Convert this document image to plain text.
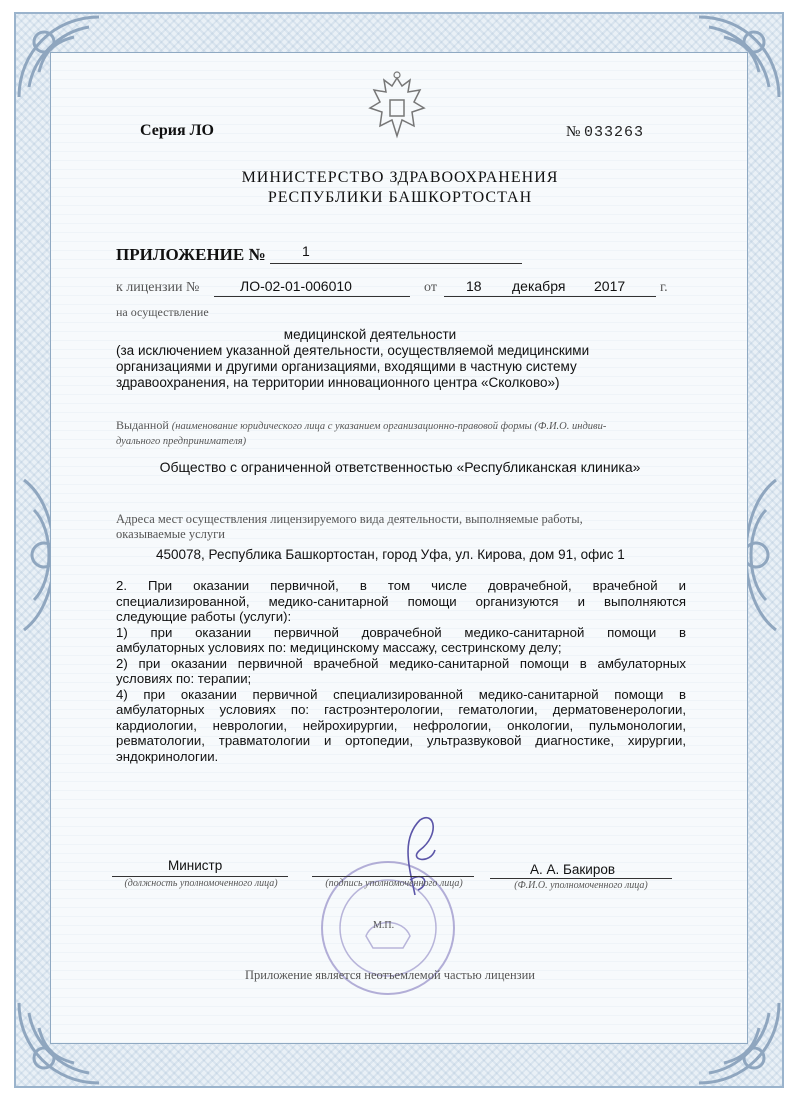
Серия ЛО	№ 033263
МИНИСТЕРСТВО ЗДРАВООХРАНЕНИЯ
РЕСПУБЛИКИ БАШКОРТОСТАН
ПРИЛОЖЕНИЕ №	1
к лицензии №	ЛО-02-01-006010	от 18 декабря 2017 г.
на осуществление
медицинской деятельности
(за исключением указанной деятельности, осуществляемой медицинскими
организациями и другими организациями, входящими в частную систему
здравоохранения, на территории инновационного центра «Сколково»)
Выданной (наименование юридического лица с указанием организационно-правовой формы (Ф.И.О. индиви-
дуального предпринимателя)
Общество с ограниченной ответственностью «Республиканская клиника»
Адреса мест осуществления лицензируемого вида деятельности, выполняемые работы,
оказываемые услуги
450078, Республика Башкортостан, город Уфа, ул. Кирова, дом 91, офис 1
2. При оказании первичной, в том числе доврачебной, врачебной и
специализированной, медико-санитарной помощи организуются и выполняются
следующие работы (услуги):
1) при оказании первичной доврачебной медико-санитарной помощи в
амбулаторных условиях по: медицинскому массажу, сестринскому делу;
2) при оказании первичной врачебной медико-санитарной помощи в амбулаторных
условиях по: терапии;
4) при оказании первичной специализированной медико-санитарной помощи в
амбулаторных условиях по: гастроэнтерологии, гематологии, дерматовенерологии,
кардиологии, неврологии, нейрохирургии, нефрологии, онкологии, пульмонологии,
ревматологии, травматологии и ортопедии, ультразвуковой диагностике, хирургии,
эндокринологии.
М.П.
Министр
(должность уполномоченного лица)	(подпись уполномоченного лица)
А. А. Бакиров
(Ф.И.О. уполномоченного лица)
Приложение является неотъемлемой частью лицензии
